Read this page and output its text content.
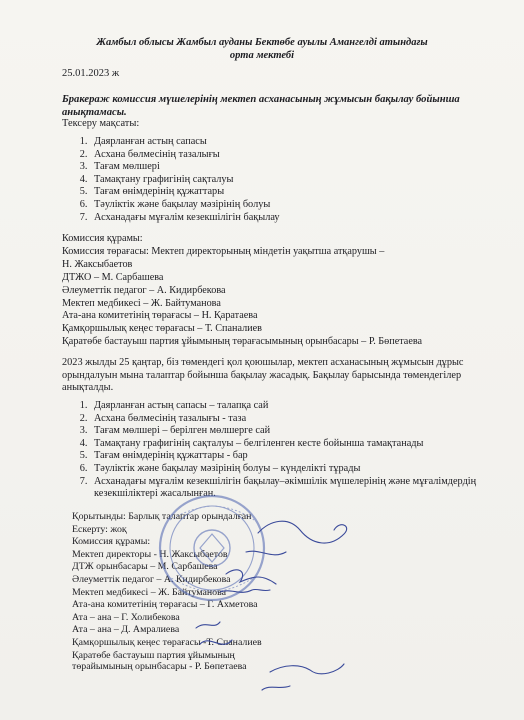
Жамбыл облысы Жамбыл ауданы Бектөбе ауылы Амангелді атындағы
орта мектебі
25.01.2023 ж
Бракераж комиссия мүшелерінің мектеп асханасының жұмысын бақылау бойынша анықтамасы.
Тексеру мақсаты:
1. Даярланған астың сапасы
2. Асхана бөлмесінің тазалығы
3. Тағам мөлшері
4. Тамақтану графигінің сақталуы
5. Тағам өнімдерінің құжаттары
6. Тәуліктік және бақылау мәзірінің болуы
7. Асханадағы мұғалім кезекшілігін бақылау
Комиссия құрамы:
Комиссия төрағасы: Мектеп директорының міндетін уақытша атқарушы –
Н. Жаксыбаетов
ДТЖО – М. Сарбашева
Әлеуметтік педагог – А. Кидирбекова
Мектеп медбикесі – Ж. Байтуманова
Ата-ана комитетінің төрағасы – Н. Қаратаева
Қамқоршылық кеңес төрағасы – Т. Спаналиев
Қаратөбе бастауыш партия ұйымының төрағасымының орынбасары – Р. Бөпетаева
2023 жылды 25 қаңтар, біз төмендегі қол қоюшылар, мектеп асханасының жұмысын дұрыс орындалуын мына талаптар бойынша бақылау жасадық. Бақылау барысында төмендегілер анықталды.
1. Даярланған астың сапасы – талапқа сай
2. Асхана бөлмесінің тазалығы - таза
3. Тағам мөлшері – берілген мөлшерге сай
4. Тамақтану графигінің сақталуы – белгіленген кесте бойынша тамақтанады
5. Тағам өнімдерінің құжаттары - бар
6. Тәуліктік және бақылау мәзірінің болуы – күнделікті тұрады
7. Асханадағы мұғалім кезекшілігін бақылау–әкімшілік мүшелерінің және мұғалімдердің кезекшіліктері жасалынған.
Қорытынды: Барлық талаптар орындалған
Ескерту: жоқ
Комиссия құрамы:
Мектеп директоры - Н. Жаксыбаетов
ДТЖ орынбасары – М. Сарбашева
Әлеуметтік педагог – А. Кидирбекова
Мектеп медбикесі – Ж. Байтуманова
Ата-ана комитетінің төрағасы – Г. Ахметова
Ата – ана – Г. Холибекова
Ата – ана – Д. Амралиева
Қамқоршылық кеңес төрағасы -Т. Спаналиев
Қаратөбе бастауыш партия ұйымының төрайымының орынбасары - Р. Бөпетаева
